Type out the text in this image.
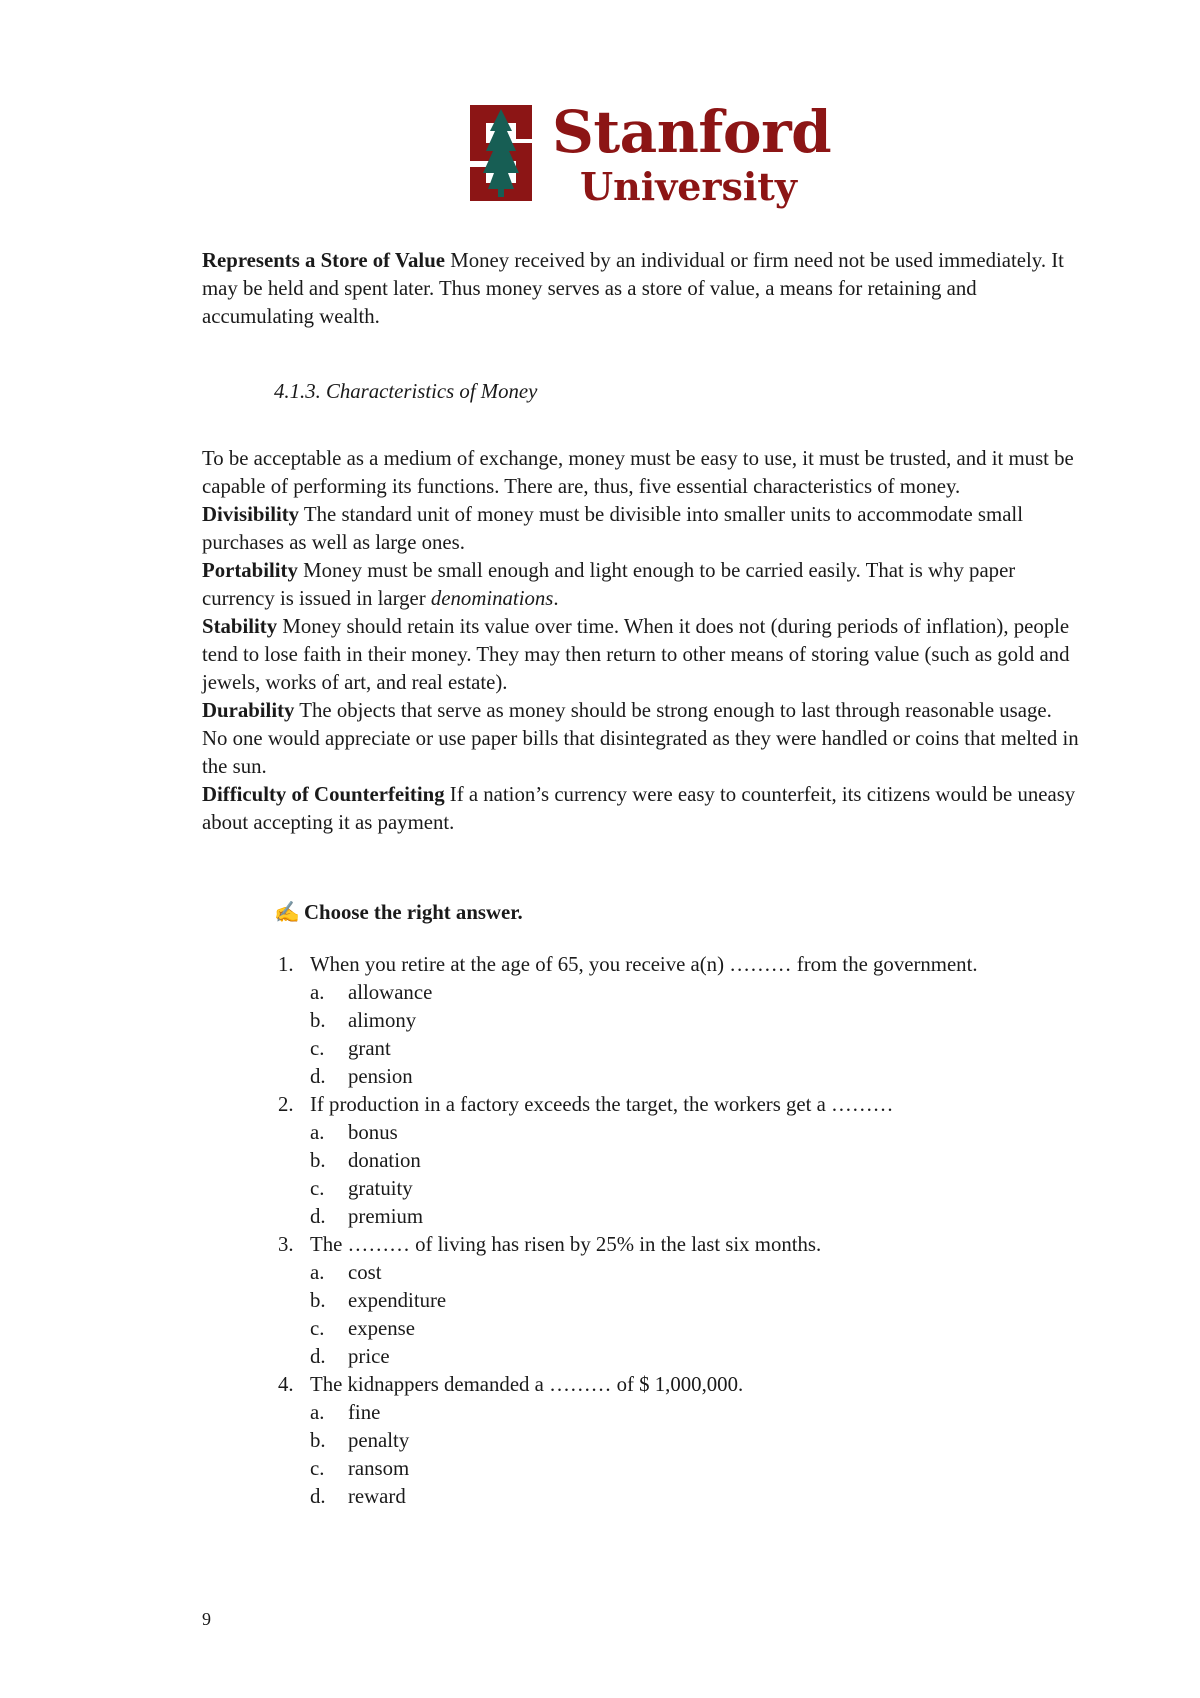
Stanford
University

Represents a Store of Value Money received by an individual or firm need not be used immediately. It may be held and spent later. Thus money serves as a store of value, a means for retaining and accumulating wealth.

4.1.3. Characteristics of Money

To be acceptable as a medium of exchange, money must be easy to use, it must be trusted, and it must be capable of performing its functions. There are, thus, five essential characteristics of money.
Divisibility The standard unit of money must be divisible into smaller units to accommodate small purchases as well as large ones.
Portability Money must be small enough and light enough to be carried easily. That is why paper currency is issued in larger denominations.
Stability Money should retain its value over time. When it does not (during periods of inflation), people tend to lose faith in their money. They may then return to other means of storing value (such as gold and jewels, works of art, and real estate).
Durability The objects that serve as money should be strong enough to last through reasonable usage. No one would appreciate or use paper bills that disintegrated as they were handled or coins that melted in the sun.
Difficulty of Counterfeiting If a nation’s currency were easy to counterfeit, its citizens would be uneasy about accepting it as payment.

✍ Choose the right answer.

1. When you retire at the age of 65, you receive a(n) ……… from the government.
a. allowance
b. alimony
c. grant
d. pension
2. If production in a factory exceeds the target, the workers get a ………
a. bonus
b. donation
c. gratuity
d. premium
3. The ……… of living has risen by 25% in the last six months.
a. cost
b. expenditure
c. expense
d. price
4. The kidnappers demanded a ……… of $ 1,000,000.
a. fine
b. penalty
c. ransom
d. reward

9
